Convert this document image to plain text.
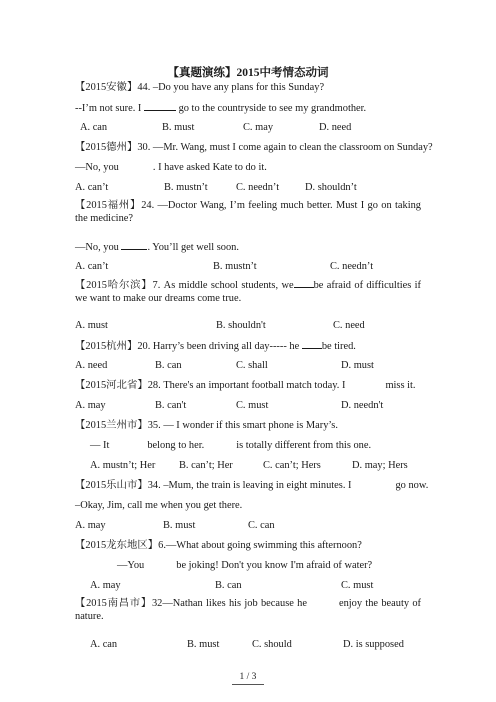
【真题演练】2015中考情态动词
【2015安徽】44. –Do you have any plans for this Sunday?
--I’m not sure. I	go to the countryside to see my grandmother.
A. can	B. must	C. may	D. need
【2015德州】30. —Mr. Wang, must I come again to clean the classroom on Sunday?
—No, you	. I have asked Kate to do it.
A. can’t	B. mustn’t	C. needn’t D. shouldn’t
【2015福州】24. —Doctor Wang, I’m feeling much better. Must I go on taking the medicine?
—No, you	. You’ll get well soon.
A. can’t	B. mustn’t	C. needn’t
【2015哈尔滨】7. As middle school students, we be afraid of difficulties if we want to make our dreams come true.
A. must	B. shouldn't	C. need
【2015杭州】20. Harry’s been driving all day----- he be tired.
A. need	B. can	C. shall	D. must
【2015河北省】28. There's an important football match today. I	miss it.
A. may	B. can't	C. must	D. needn't
【2015兰州市】35. — I wonder if this smart phone is Mary’s.
— It	belong to her.	is totally different from this one.
A. mustn’t; Her B. can’t; Her	C. can’t; Hers	D. may; Hers
【2015乐山市】34. –Mum, the train is leaving in eight minutes. I	go now.
–Okay, Jim, call me when you get there.
A. may	B. must	C. can
【2015龙东地区】6.—What about going swimming this afternoon?
—You	be joking! Don't you know I'm afraid of water?
A. may	B. can	C. must
【2015南昌市】32—Nathan likes his job because he	enjoy the beauty of nature.
A. can	B. must	C. should	D. is supposed
1 / 3
